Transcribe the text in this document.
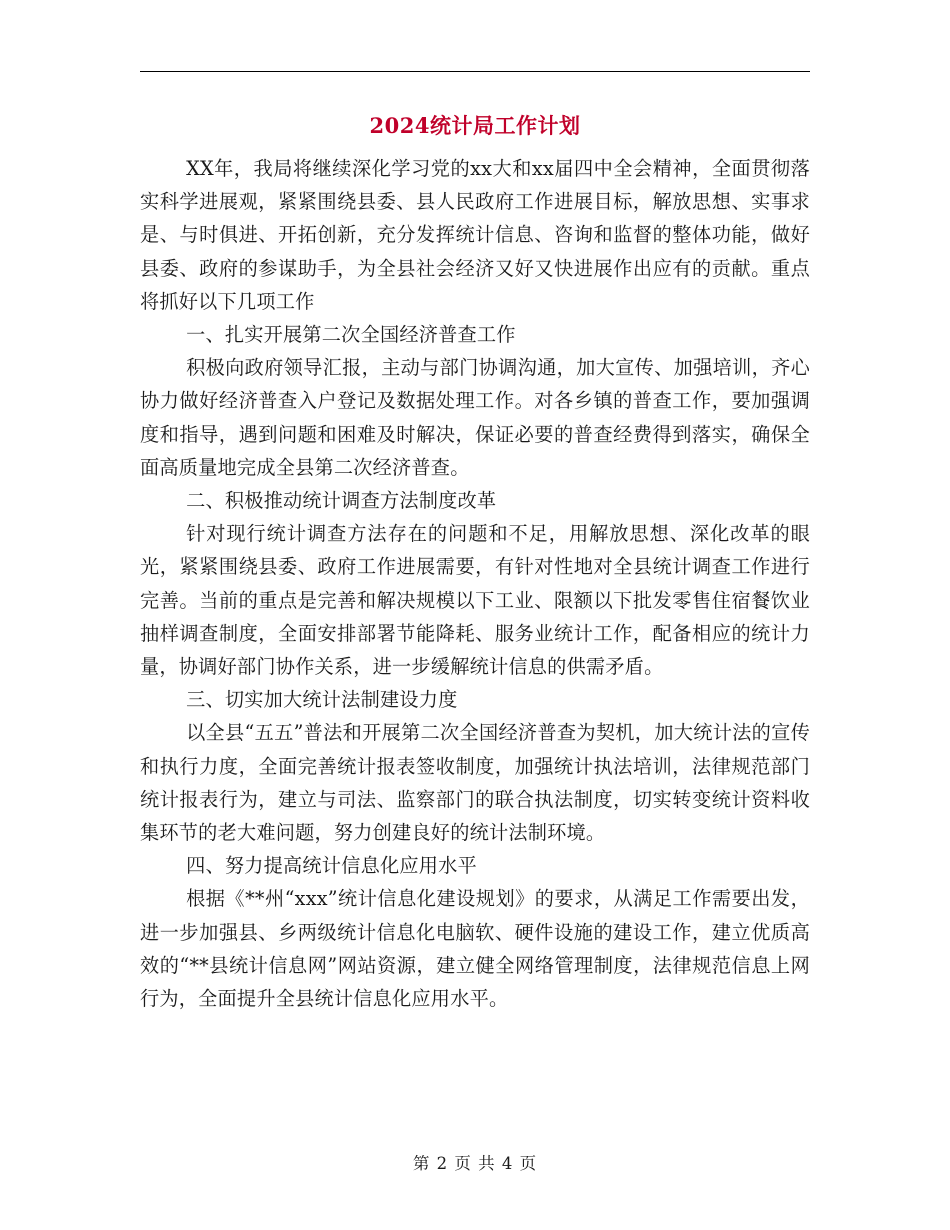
2024统计局工作计划

XX年，我局将继续深化学习党的xx大和xx届四中全会精神，全面贯彻落实科学进展观，紧紧围绕县委、县人民政府工作进展目标，解放思想、实事求是、与时俱进、开拓创新，充分发挥统计信息、咨询和监督的整体功能，做好县委、政府的参谋助手，为全县社会经济又好又快进展作出应有的贡献。重点将抓好以下几项工作

一、扎实开展第二次全国经济普查工作

积极向政府领导汇报，主动与部门协调沟通，加大宣传、加强培训，齐心协力做好经济普查入户登记及数据处理工作。对各乡镇的普查工作，要加强调度和指导，遇到问题和困难及时解决，保证必要的普查经费得到落实，确保全面高质量地完成全县第二次经济普查。

二、积极推动统计调查方法制度改革

针对现行统计调查方法存在的问题和不足，用解放思想、深化改革的眼光，紧紧围绕县委、政府工作进展需要，有针对性地对全县统计调查工作进行完善。当前的重点是完善和解决规模以下工业、限额以下批发零售住宿餐饮业抽样调查制度，全面安排部署节能降耗、服务业统计工作，配备相应的统计力量，协调好部门协作关系，进一步缓解统计信息的供需矛盾。

三、切实加大统计法制建设力度

以全县“五五”普法和开展第二次全国经济普查为契机，加大统计法的宣传和执行力度，全面完善统计报表签收制度，加强统计执法培训，法律规范部门统计报表行为，建立与司法、监察部门的联合执法制度，切实转变统计资料收集环节的老大难问题，努力创建良好的统计法制环境。

四、努力提高统计信息化应用水平

根据《**州“xxx”统计信息化建设规划》的要求，从满足工作需要出发，进一步加强县、乡两级统计信息化电脑软、硬件设施的建设工作，建立优质高效的“**县统计信息网”网站资源，建立健全网络管理制度，法律规范信息上网行为，全面提升全县统计信息化应用水平。

第 2 页 共 4 页
